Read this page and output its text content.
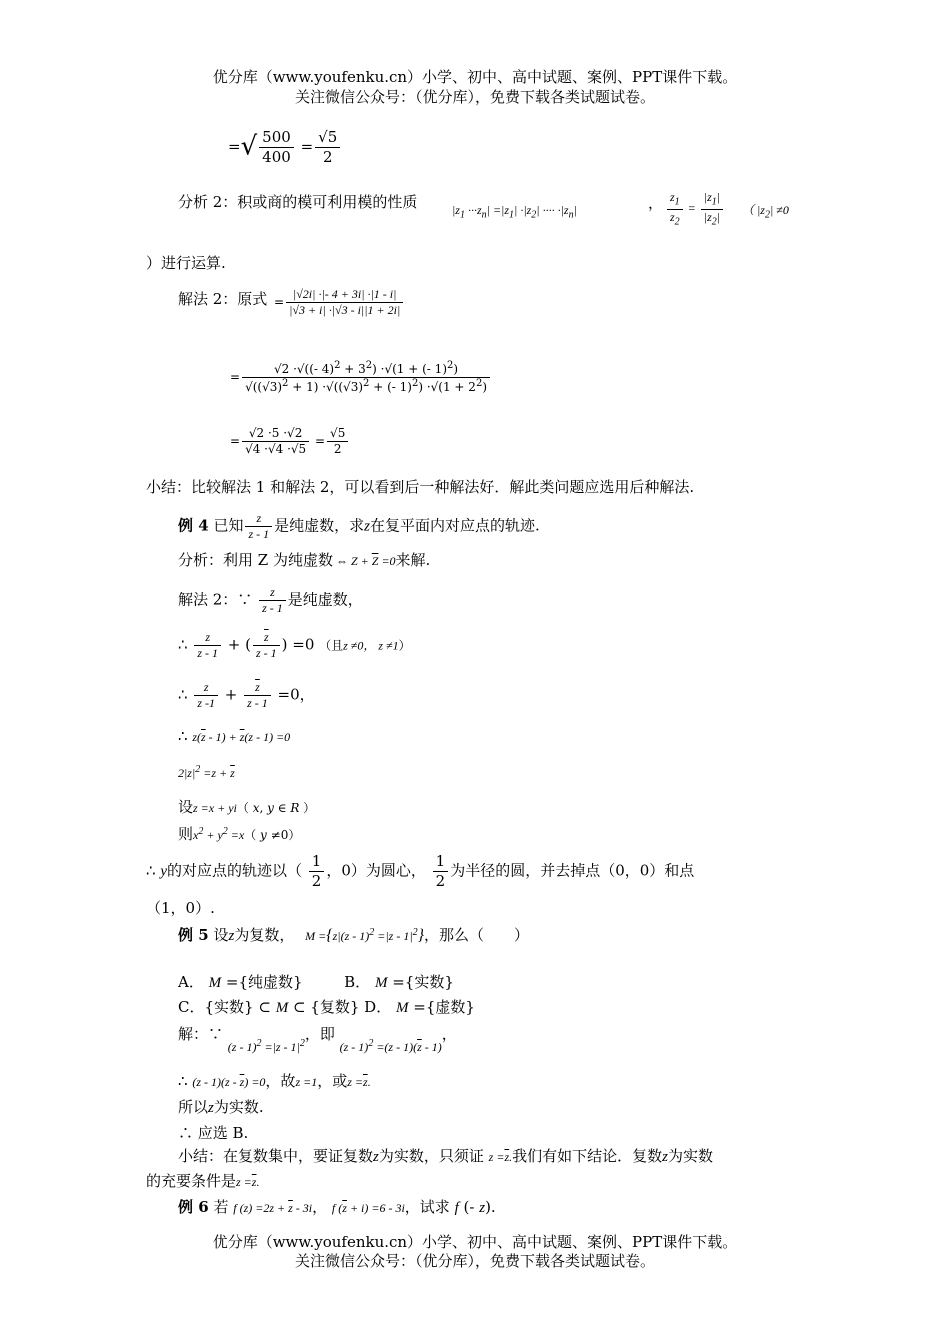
优分库（www.youfenku.cn）小学、初中、高中试题、案例、PPT课件下载。
关注微信公众号：（优分库），免费下载各类试题试卷。
=√ $\frac{500}{400} = \frac{√5}{2}$
分析 2：积或商的模可利用模的性质	$|z_1 \cdot\cdot\cdot z_n| =|z_1| \cdot|z_2|$ ···· $\cdot|z_n|$	， $\frac{z_1}{z_2} = \frac{|z_1|}{|z_2|}$ （ $|z_2| \ne 0$
）进行运算.
解法 2：原式 = $\frac{|√2i| \cdot|- 4 + 3i| \cdot|1 - i|}{|√3 + i| \cdot|√3 - i||1 + 2i|}$
= $\frac{√2 \cdot√((- 4)^2 + 3^2) \cdot√(1 + (- 1)^2)}{√((√3)^2 + 1) \cdot√((√3)^2 + (- 1)^2) \cdot√(1 + 2^2)}$
= $\frac{√2 \cdot 5 \cdot√2}{√4 \cdot√4 \cdot√5} = \frac{√5}{2}$
小结：比较解法 1 和解法 2，可以看到后一种解法好．解此类问题应选用后种解法.
例 4 已知 $\frac{z}{z - 1}$ 是纯虚数，求z在复平面内对应点的轨迹.
分析：利用 Z 为纯虚数 ⇔ $Z + \overline{Z} =0$来解.
解法 2：∵ $\frac{z}{z - 1}$ 是纯虚数，
∴ $\frac{z}{z - 1}$ + ( $\frac{\overline{z}}{z - 1}$ ) =0 （且z ≠0， z ≠1）
∴ $\frac{z}{z -1} + \frac{\overline{z}}{\overline{z} - 1} =0$，
∴ $z(\overline{z} - 1) + \overline{z}(z - 1) =0$
$2|z|^2 =z + \overline{z}$
设z =x + yi（ x, y ∈ R ）
则$x^2 + y^2 =x$（ y ≠0）
∴ y的对应点的轨迹以（ $\frac{1}{2}$ ，0）为圆心， $\frac{1}{2}$ 为半径的圆，并去掉点（0，0）和点
（1，0）.
例 5 设z为复数，   $M =\{z|(z - 1)^2 =|z - 1|^2\}$，那么（　　）
A． M ={纯虚数}	B． M ={实数}
C．{实数} ⊂ M ⊂ {复数} D． M ={虚数}
解：∵ $_{(z - 1)^2 =|z - 1|^2}$，即 $_{(z - 1)^2 =(z - 1)(\overline{z} - 1)}$，
∴ $(z - 1)(z - \overline{z}) =0$，故z =1，或$z =\overline{z}$.
所以z为实数.
∴ 应选 B.
小结：在复数集中，要证复数z为实数，只须证 $z =\overline{z}$.我们有如下结论．复数z为实数
的充要条件是$z =\overline{z}$.
例 6 若 f $(z) =2z + \overline{z} - 3i$， f $(\overline{z} + i) =6 - 3i$，试求 f (- z).
优分库（www.youfenku.cn）小学、初中、高中试题、案例、PPT课件下载。
关注微信公众号：（优分库），免费下载各类试题试卷。
